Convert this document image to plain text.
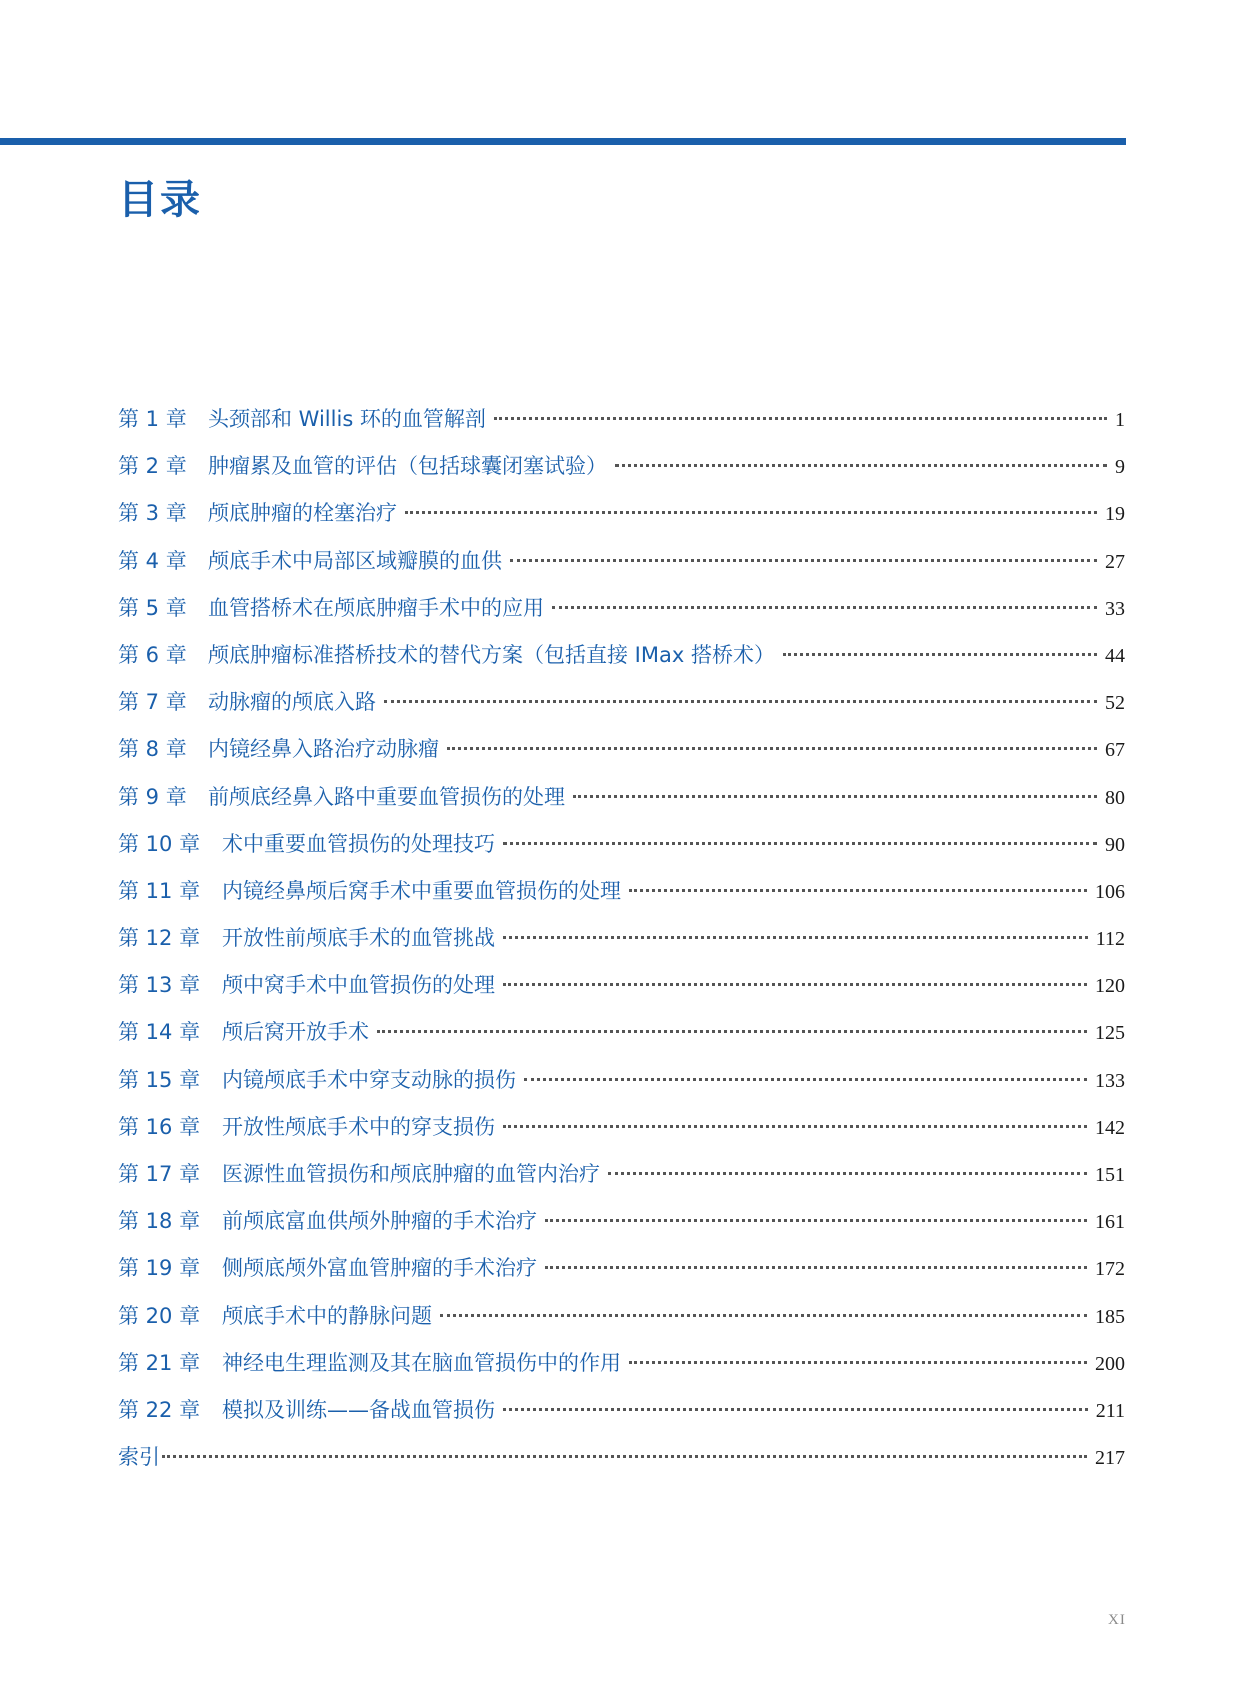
目录
第 1 章 头颈部和 Willis 环的血管解剖	1
第 2 章 肿瘤累及血管的评估（包括球囊闭塞试验）	9
第 3 章 颅底肿瘤的栓塞治疗	19
第 4 章 颅底手术中局部区域瓣膜的血供	27
第 5 章 血管搭桥术在颅底肿瘤手术中的应用	33
第 6 章 颅底肿瘤标准搭桥技术的替代方案（包括直接 IMax 搭桥术）	44
第 7 章 动脉瘤的颅底入路	52
第 8 章 内镜经鼻入路治疗动脉瘤	67
第 9 章 前颅底经鼻入路中重要血管损伤的处理	80
第 10 章 术中重要血管损伤的处理技巧	90
第 11 章 内镜经鼻颅后窝手术中重要血管损伤的处理	106
第 12 章 开放性前颅底手术的血管挑战	112
第 13 章 颅中窝手术中血管损伤的处理	120
第 14 章 颅后窝开放手术	125
第 15 章 内镜颅底手术中穿支动脉的损伤	133
第 16 章 开放性颅底手术中的穿支损伤	142
第 17 章 医源性血管损伤和颅底肿瘤的血管内治疗	151
第 18 章 前颅底富血供颅外肿瘤的手术治疗	161
第 19 章 侧颅底颅外富血管肿瘤的手术治疗	172
第 20 章 颅底手术中的静脉问题	185
第 21 章 神经电生理监测及其在脑血管损伤中的作用	200
第 22 章 模拟及训练——备战血管损伤	211
索引	217
XI
